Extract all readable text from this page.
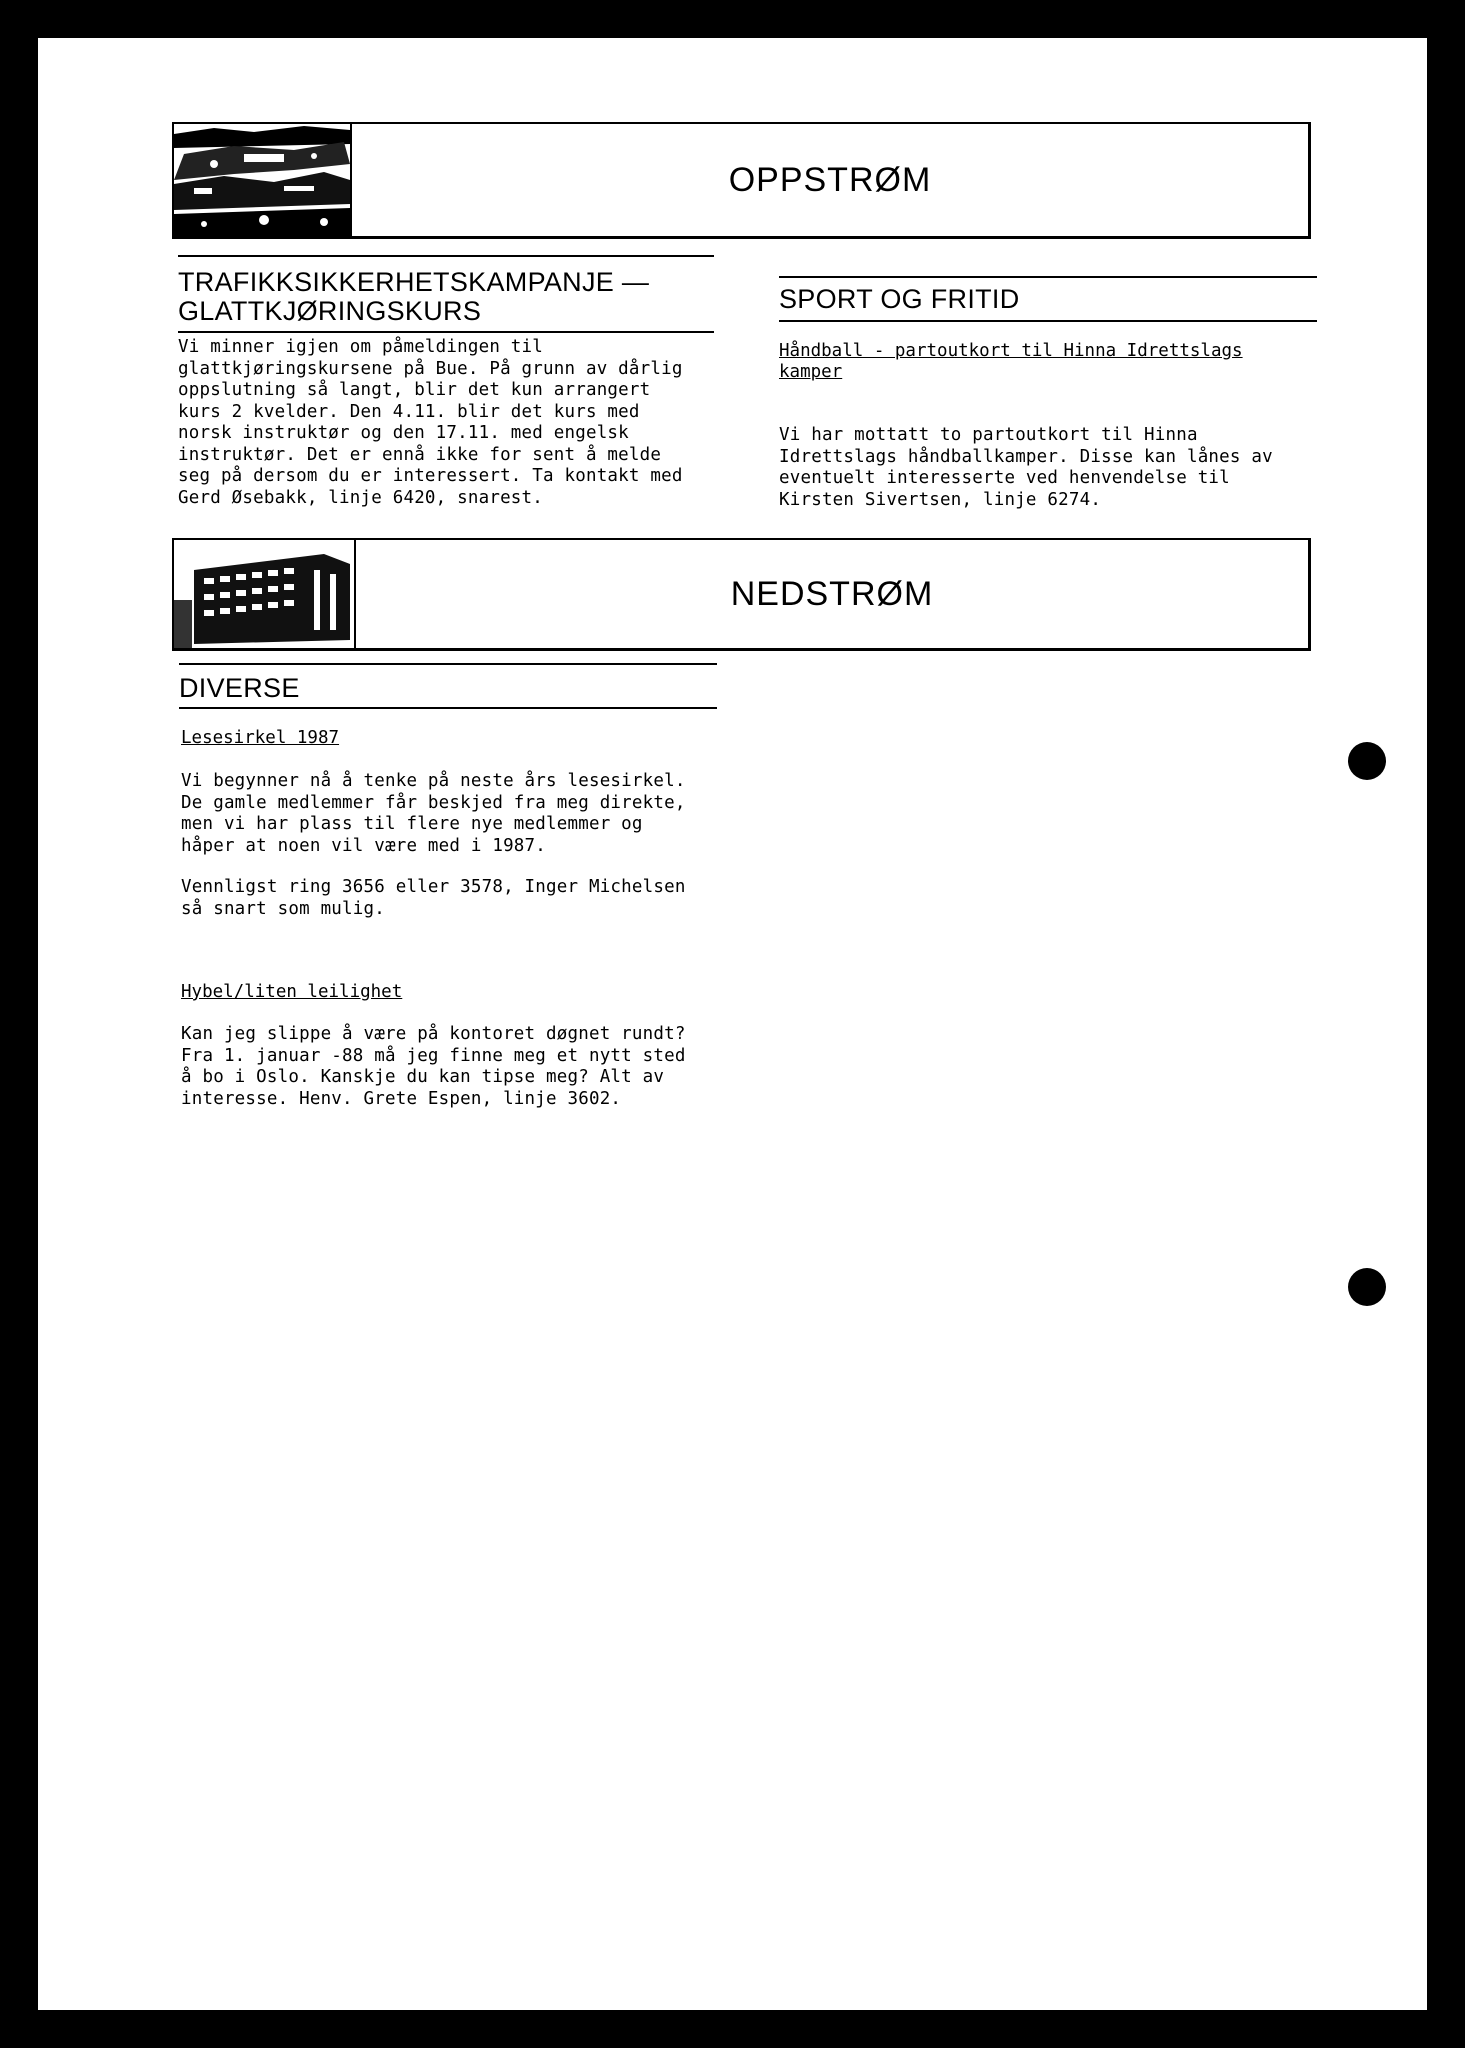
OPPSTRØM
TRAFIKKSIKKERHETSKAMPANJE —
GLATTKJØRINGSKURS
Vi minner igjen om påmeldingen til
glattkjøringskursene på Bue. På grunn av dårlig
oppslutning så langt, blir det kun arrangert
kurs 2 kvelder. Den 4.11. blir det kurs med
norsk instruktør og den 17.11. med engelsk
instruktør. Det er ennå ikke for sent å melde
seg på dersom du er interessert. Ta kontakt med
Gerd Øsebakk, linje 6420, snarest.
SPORT OG FRITID
Håndball - partoutkort til Hinna Idrettslags
kamper
Vi har mottatt to partoutkort til Hinna
Idrettslags håndballkamper. Disse kan lånes av
eventuelt interesserte ved henvendelse til
Kirsten Sivertsen, linje 6274.
NEDSTRØM
DIVERSE
Lesesirkel 1987
Vi begynner nå å tenke på neste års lesesirkel.
De gamle medlemmer får beskjed fra meg direkte,
men vi har plass til flere nye medlemmer og
håper at noen vil være med i 1987.
Vennligst ring 3656 eller 3578, Inger Michelsen
så snart som mulig.
Hybel/liten leilighet
Kan jeg slippe å være på kontoret døgnet rundt?
Fra 1. januar -88 må jeg finne meg et nytt sted
å bo i Oslo. Kanskje du kan tipse meg? Alt av
interesse. Henv. Grete Espen, linje 3602.
